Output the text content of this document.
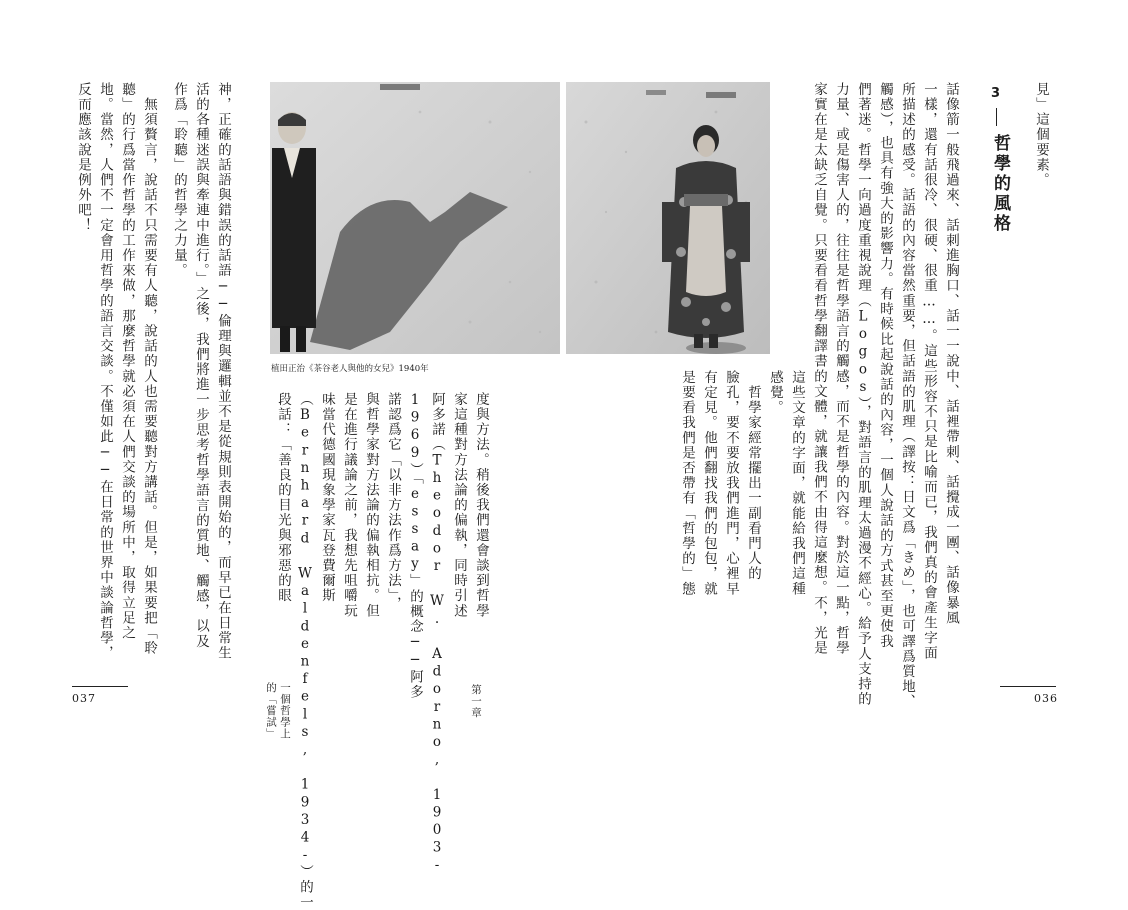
見」這個要素。
3
哲學的風格
話像箭一般飛過來、話刺進胸口、話一一說中、話裡帶刺、話攪成一團、話像暴風
一樣，還有話很冷、很硬、很重……。這些形容不只是比喻而已，我們真的會產生字面
所描述的感受。話語的內容當然重要，但話語的肌理（譯按：日文爲「きめ」，也可譯爲質地、
觸感），也具有強大的影響力。有時候比起說話的內容，一個人說話的方式甚至更使我
們著迷。哲學一向過度重視說理（Logos），對語言的肌理太過漫不經心。給予人支持的
力量、或是傷害人的，往往是哲學語言的觸感，而不是哲學的內容。對於這一點，哲學
家實在是太缺乏自覺。只要看看哲學翻譯書的文體，就讓我們不由得這麼想。不，光是
這些文章的字面，就能給我們這種
感覺。
　哲學家經常擺出一副看門人的
臉孔，要不要放我們進門，心裡早
有定見。他們翻找我們的包包，就
是要看我們是否帶有「哲學的」態
036
植田正治《茶谷老人與他的女兒》1940年
反而應該說是例外吧！ 地。當然，人們不一定會用哲學的語言交談。不僅如此──在日常的世界中談論哲學， 聽」的行爲當作哲學的工作來做，那麼哲學就必須在人們交談的場所中，取得立足之 　無須贅言，說話不只需要有人聽，說話的人也需要聽對方講話。但是，如果要把「聆 作爲「聆聽」的哲學之力量。 活的各種迷誤與牽連中進行。」之後，我們將進一步思考哲學語言的質地、觸感，以及 神，正確的話語與錯誤的話語──倫理與邏輯並不是從規則表開始的，而早已在日常生	度與方法。稍後我們還會談到哲學
家這種對方法論的偏執，同時引述
阿多諾（Theodor W. Adorno, 1903-
1969）「essay」的概念──阿多
諾認爲它「以非方法作爲方法」，
與哲學家對方法論的偏執相抗。但
是在進行議論之前，我想先咀嚼玩
味當代德國現象學家瓦登費爾斯
（Bernhard Waldenfels, 1934-）的一
段話：「善良的目光與邪惡的眼
第一章
一個哲學上的「嘗試」
037
